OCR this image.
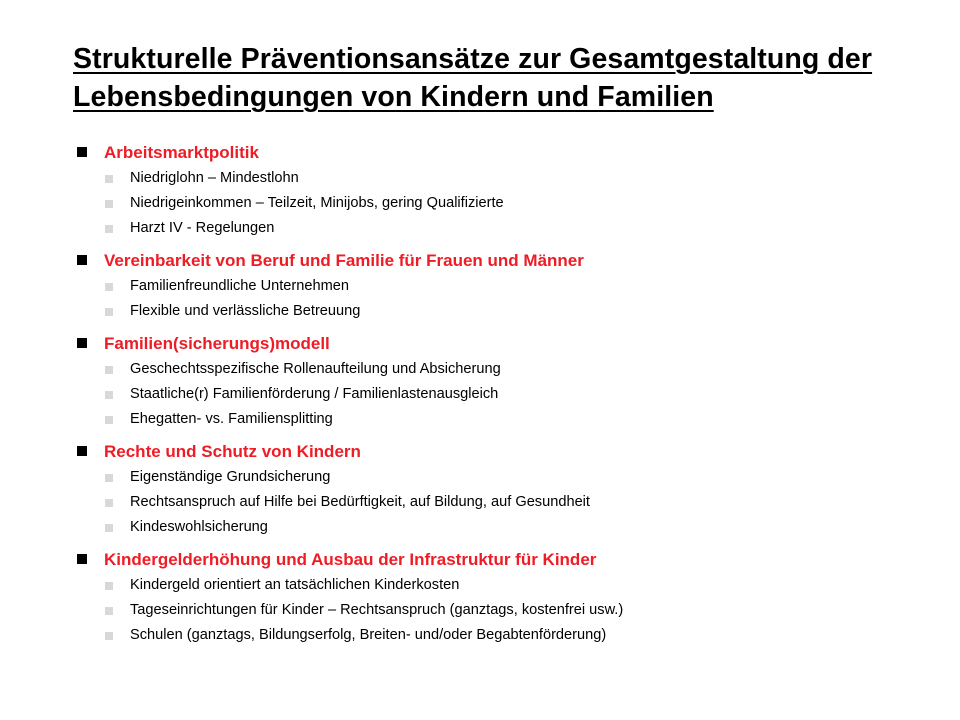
Strukturelle Präventionsansätze zur Gesamtgestaltung der Lebensbedingungen von Kindern und Familien
Arbeitsmarktpolitik
Niedriglohn – Mindestlohn
Niedrigeinkommen – Teilzeit, Minijobs, gering Qualifizierte
Harzt IV - Regelungen
Vereinbarkeit von Beruf und Familie für Frauen und Männer
Familienfreundliche Unternehmen
Flexible und verlässliche Betreuung
Familien(sicherungs)modell
Geschechtsspezifische Rollenaufteilung und Absicherung
Staatliche(r) Familienförderung / Familienlastenausgleich
Ehegatten- vs. Familiensplitting
Rechte und Schutz von Kindern
Eigenständige Grundsicherung
Rechtsanspruch auf Hilfe bei Bedürftigkeit, auf Bildung, auf Gesundheit
Kindeswohlsicherung
Kindergelderhöhung und Ausbau der Infrastruktur für Kinder
Kindergeld orientiert an tatsächlichen Kinderkosten
Tageseinrichtungen für Kinder – Rechtsanspruch (ganztags, kostenfrei usw.)
Schulen (ganztags, Bildungserfolg, Breiten- und/oder Begabtenförderung)
